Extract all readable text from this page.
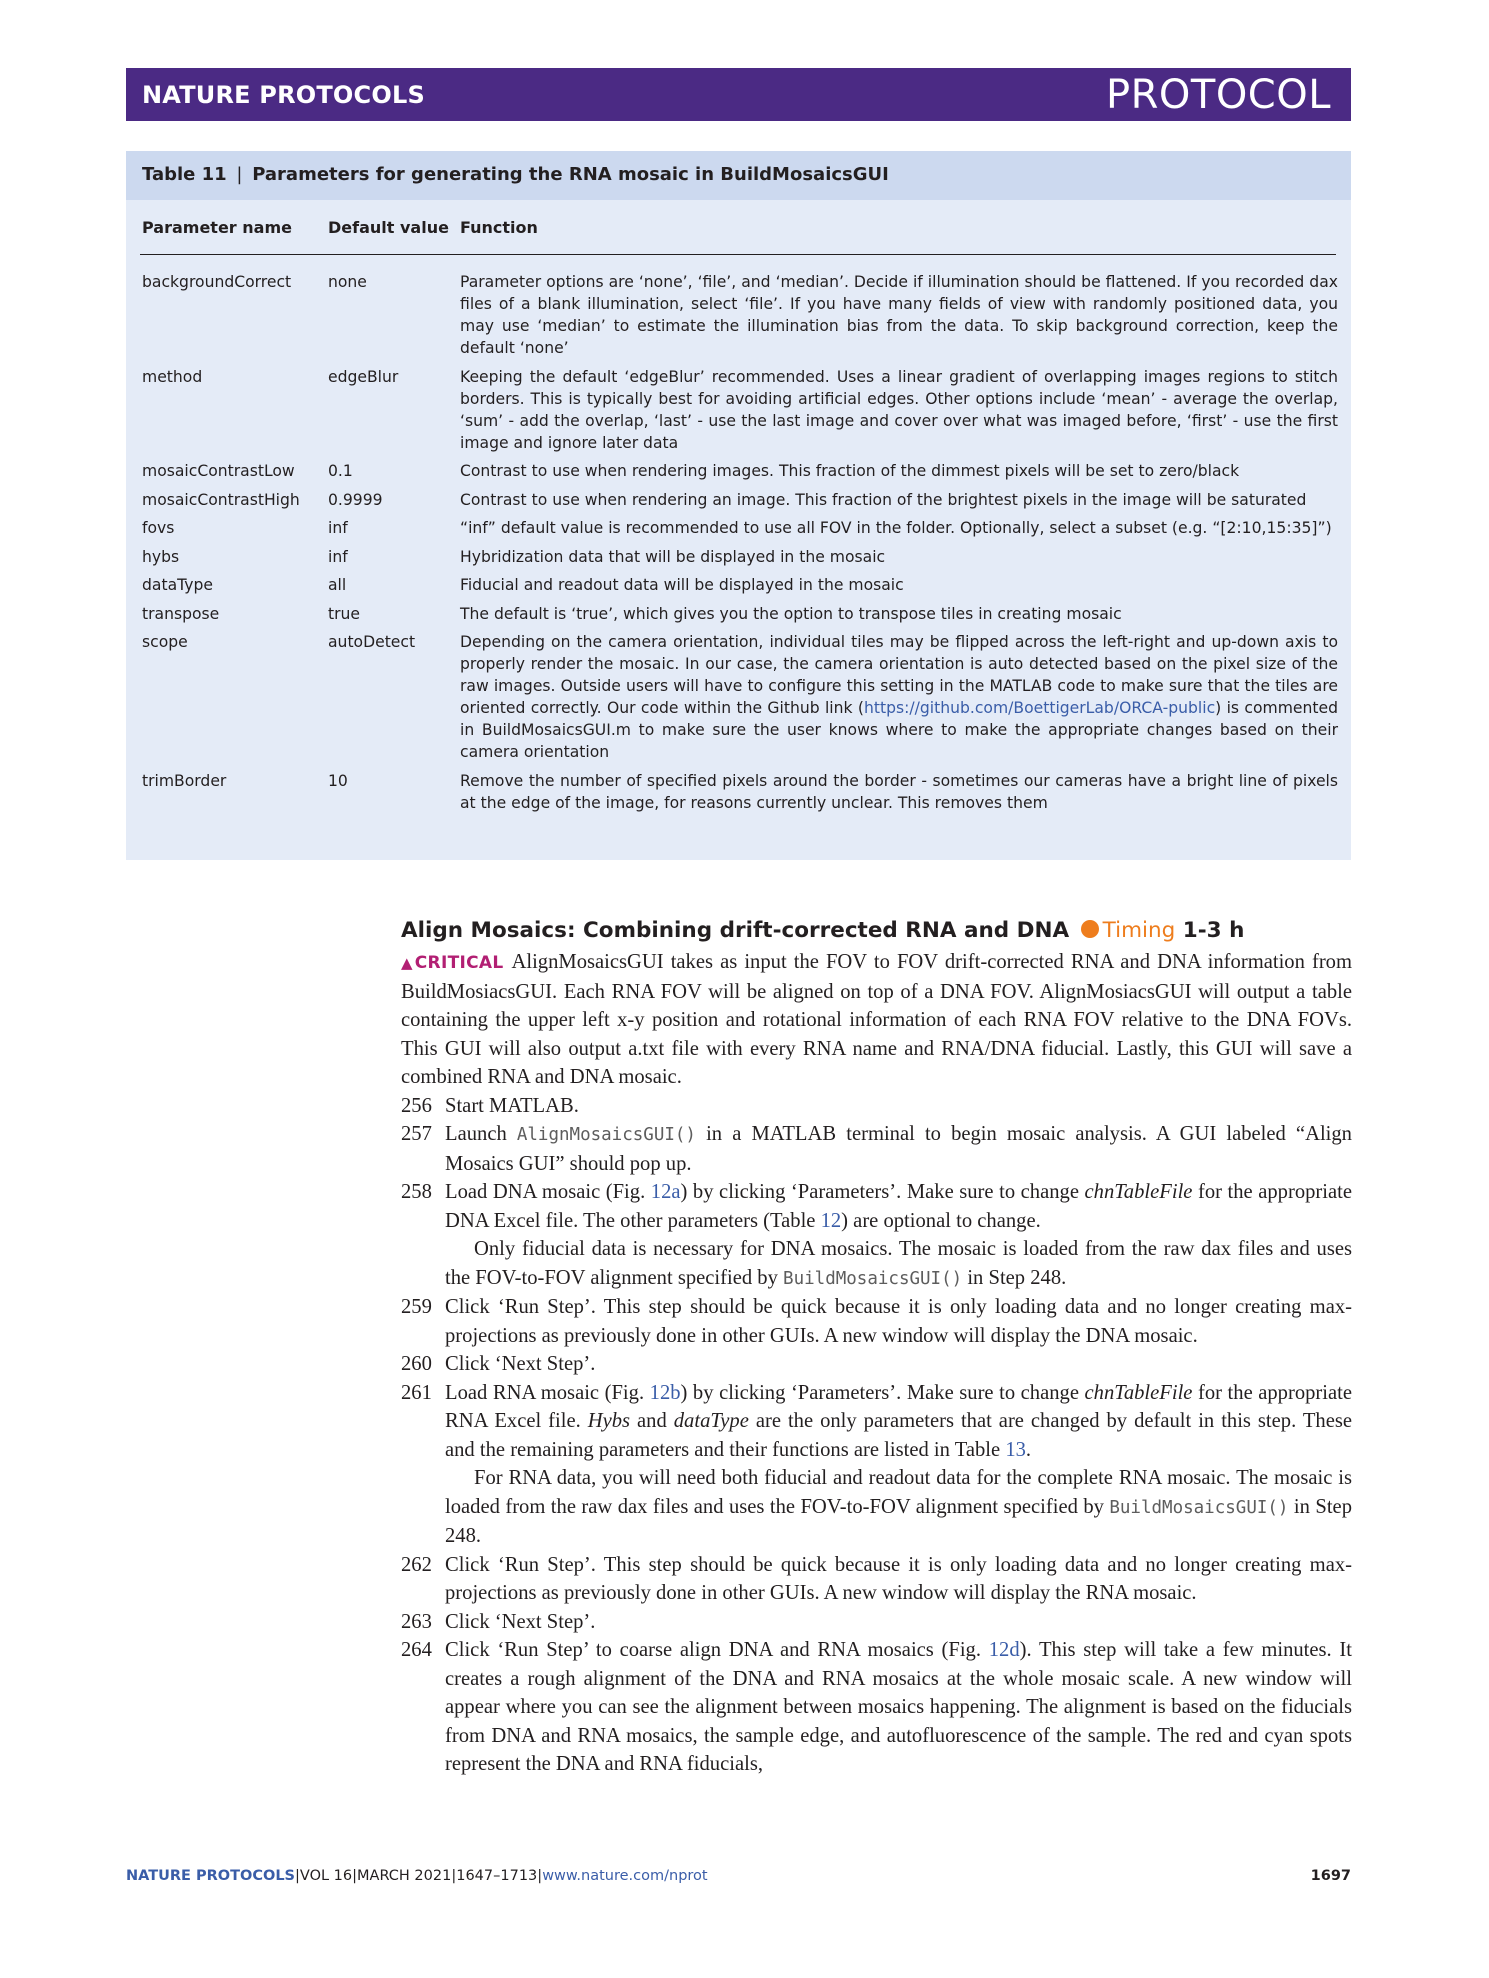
NATURE PROTOCOLS	PROTOCOL
Table 11 | Parameters for generating the RNA mosaic in BuildMosaicsGUI
Parameter name Default value Function
backgroundCorrect none	Parameter options are ‘none’, ‘file’, and ‘median’. Decide if illumination should be flattened. If you recorded dax files of a blank illumination, select ‘file’. If you have many fields of view with randomly positioned data, you may use ‘median’ to estimate the illumination bias from the data. To skip background correction, keep the default ‘none’
method	edgeBlur	Keeping the default ‘edgeBlur’ recommended. Uses a linear gradient of overlapping images regions to stitch borders. This is typically best for avoiding artificial edges. Other options include ‘mean’ - average the overlap, ‘sum’ - add the overlap, ‘last’ - use the last image and cover over what was imaged before, ‘first’ - use the first image and ignore later data
mosaicContrastLow 0.1	Contrast to use when rendering images. This fraction of the dimmest pixels will be set to zero/black
mosaicContrastHigh 0.9999	Contrast to use when rendering an image. This fraction of the brightest pixels in the image will be saturated
fovs	inf	“inf” default value is recommended to use all FOV in the folder. Optionally, select a subset (e.g. “[2:10,15:35]”)
hybs	inf	Hybridization data that will be displayed in the mosaic
dataType	all	Fiducial and readout data will be displayed in the mosaic
transpose	true	The default is ‘true’, which gives you the option to transpose tiles in creating mosaic
scope	autoDetect	Depending on the camera orientation, individual tiles may be flipped across the left-right and up-down axis to properly render the mosaic. In our case, the camera orientation is auto detected based on the pixel size of the raw images. Outside users will have to configure this setting in the MATLAB code to make sure that the tiles are oriented correctly. Our code within the Github link (https://github.com/BoettigerLab/ORCA-public) is commented in BuildMosaicsGUI.m to make sure the user knows where to make the appropriate changes based on their camera orientation
trimBorder	10	Remove the number of specified pixels around the border - sometimes our cameras have a bright line of pixels at the edge of the image, for reasons currently unclear. This removes them
Align Mosaics: Combining drift-corrected RNA and DNA Timing 1-3 h

▲CRITICAL AlignMosaicsGUI takes as input the FOV to FOV drift-corrected RNA and DNA information from BuildMosiacsGUI. Each RNA FOV will be aligned on top of a DNA FOV. AlignMosiacsGUI will output a table containing the upper left x-y position and rotational information of each RNA FOV relative to the DNA FOVs. This GUI will also output a.txt file with every RNA name and RNA/DNA fiducial. Lastly, this GUI will save a combined RNA and DNA mosaic.

256 Start MATLAB.
257 Launch AlignMosaicsGUI() in a MATLAB terminal to begin mosaic analysis. A GUI labeled “Align Mosaics GUI” should pop up.
258 Load DNA mosaic (Fig. 12a) by clicking ‘Parameters’. Make sure to change chnTableFile for the appropriate DNA Excel file. The other parameters (Table 12) are optional to change.
Only fiducial data is necessary for DNA mosaics. The mosaic is loaded from the raw dax files and uses the FOV-to-FOV alignment specified by BuildMosaicsGUI() in Step 248.
259 Click ‘Run Step’. This step should be quick because it is only loading data and no longer creating max-projections as previously done in other GUIs. A new window will display the DNA mosaic.
260 Click ‘Next Step’.
261 Load RNA mosaic (Fig. 12b) by clicking ‘Parameters’. Make sure to change chnTableFile for the appropriate RNA Excel file. Hybs and dataType are the only parameters that are changed by default in this step. These and the remaining parameters and their functions are listed in Table 13.
For RNA data, you will need both fiducial and readout data for the complete RNA mosaic. The mosaic is loaded from the raw dax files and uses the FOV-to-FOV alignment specified by BuildMosaicsGUI() in Step 248.
262 Click ‘Run Step’. This step should be quick because it is only loading data and no longer creating max-projections as previously done in other GUIs. A new window will display the RNA mosaic.
263 Click ‘Next Step’.
264 Click ‘Run Step’ to coarse align DNA and RNA mosaics (Fig. 12d). This step will take a few minutes. It creates a rough alignment of the DNA and RNA mosaics at the whole mosaic scale. A new window will appear where you can see the alignment between mosaics happening. The alignment is based on the fiducials from DNA and RNA mosaics, the sample edge, and autofluorescence of the sample. The red and cyan spots represent the DNA and RNA fiducials,
NATURE PROTOCOLS|VOL 16|MARCH 2021|1647–1713|www.nature.com/nprot	1697
